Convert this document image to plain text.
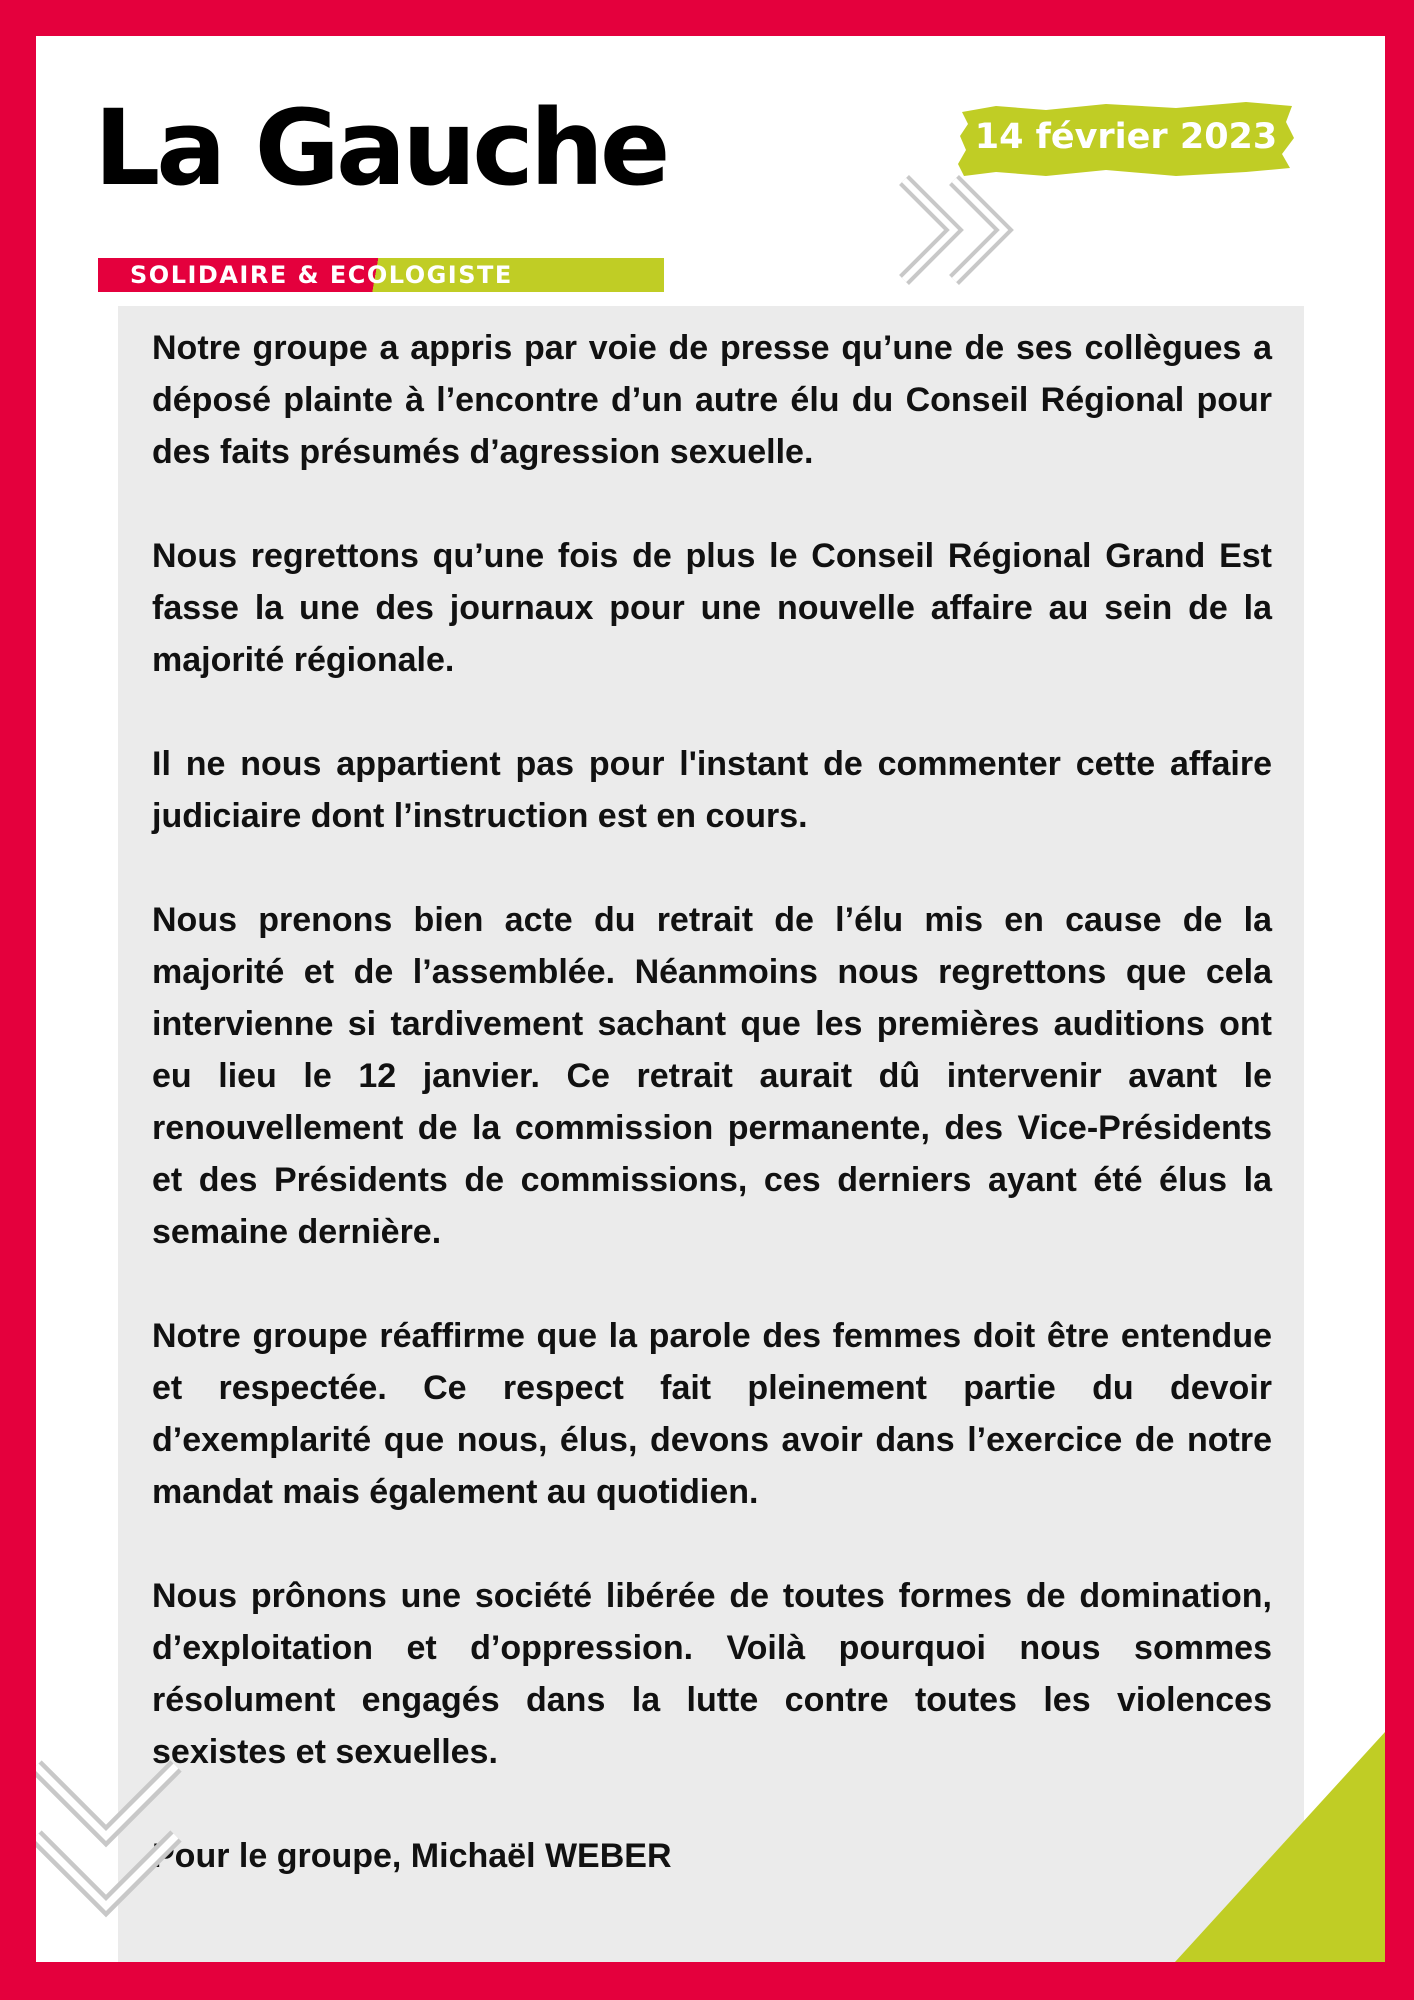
La Gauche
SOLIDAIRE & ECOLOGISTE
14 février 2023

Notre groupe a appris par voie de presse qu’une de ses collègues a déposé plainte à l’encontre d’un autre élu du Conseil Régional pour des faits présumés d’agression sexuelle.

Nous regrettons qu’une fois de plus le Conseil Régional Grand Est fasse la une des journaux pour une nouvelle affaire au sein de la majorité régionale.

Il ne nous appartient pas pour l'instant de commenter cette affaire judiciaire dont l’instruction est en cours.

Nous prenons bien acte du retrait de l’élu mis en cause de la majorité et de l’assemblée. Néanmoins nous regrettons que cela intervienne si tardivement sachant que les premières auditions ont eu lieu le 12 janvier. Ce retrait aurait dû intervenir avant le renouvellement de la commission permanente, des Vice-Présidents et des Présidents de commissions, ces derniers ayant été élus la semaine dernière.

Notre groupe réaffirme que la parole des femmes doit être entendue et respectée. Ce respect fait pleinement partie du devoir d’exemplarité que nous, élus, devons avoir dans l’exercice de notre mandat mais également au quotidien.

Nous prônons une société libérée de toutes formes de domination, d’exploitation et d’oppression. Voilà pourquoi nous sommes résolument engagés dans la lutte contre toutes les violences sexistes et sexuelles.

Pour le groupe, Michaël WEBER
